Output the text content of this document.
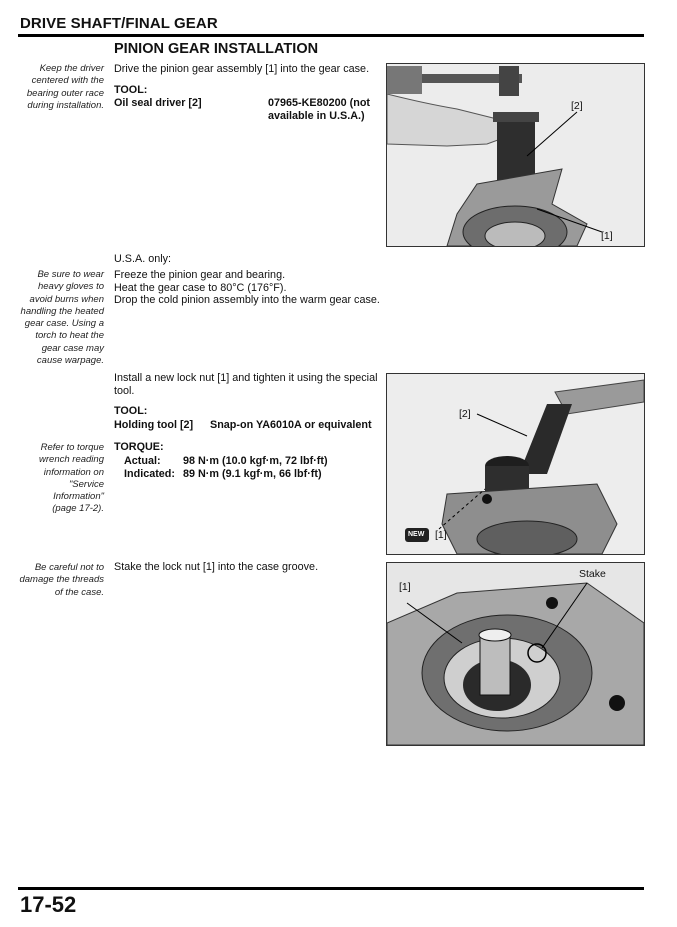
DRIVE SHAFT/FINAL GEAR
PINION GEAR INSTALLATION
Keep the driver
centered with the
bearing outer race
during installation.
Drive the pinion gear assembly [1] into the gear case.
TOOL:
Oil seal driver [2]	07965-KE80200 (not
available in U.S.A.)
[2]
[1]
U.S.A. only:
Be sure to wear
heavy gloves to
avoid burns when
handling the heated
gear case. Using a
torch to heat the
gear case may
cause warpage.
Freeze the pinion gear and bearing.
Heat the gear case to 80°C (176°F).
Drop the cold pinion assembly into the warm gear case.
Install a new lock nut [1] and tighten it using the special
tool.
TOOL:
Holding tool [2] Snap-on YA6010A or equivalent
Refer to torque
wrench reading
information on
"Service
Information"
(page 17-2).
TORQUE:
Actual: 98 N·m (10.0 kgf·m, 72 lbf·ft)
Indicated: 89 N·m (9.1 kgf·m, 66 lbf·ft)
[2]
[1]
NEW
Be careful not to
damage the threads
of the case.
Stake the lock nut [1] into the case groove.
[1]
Stake
17-52
